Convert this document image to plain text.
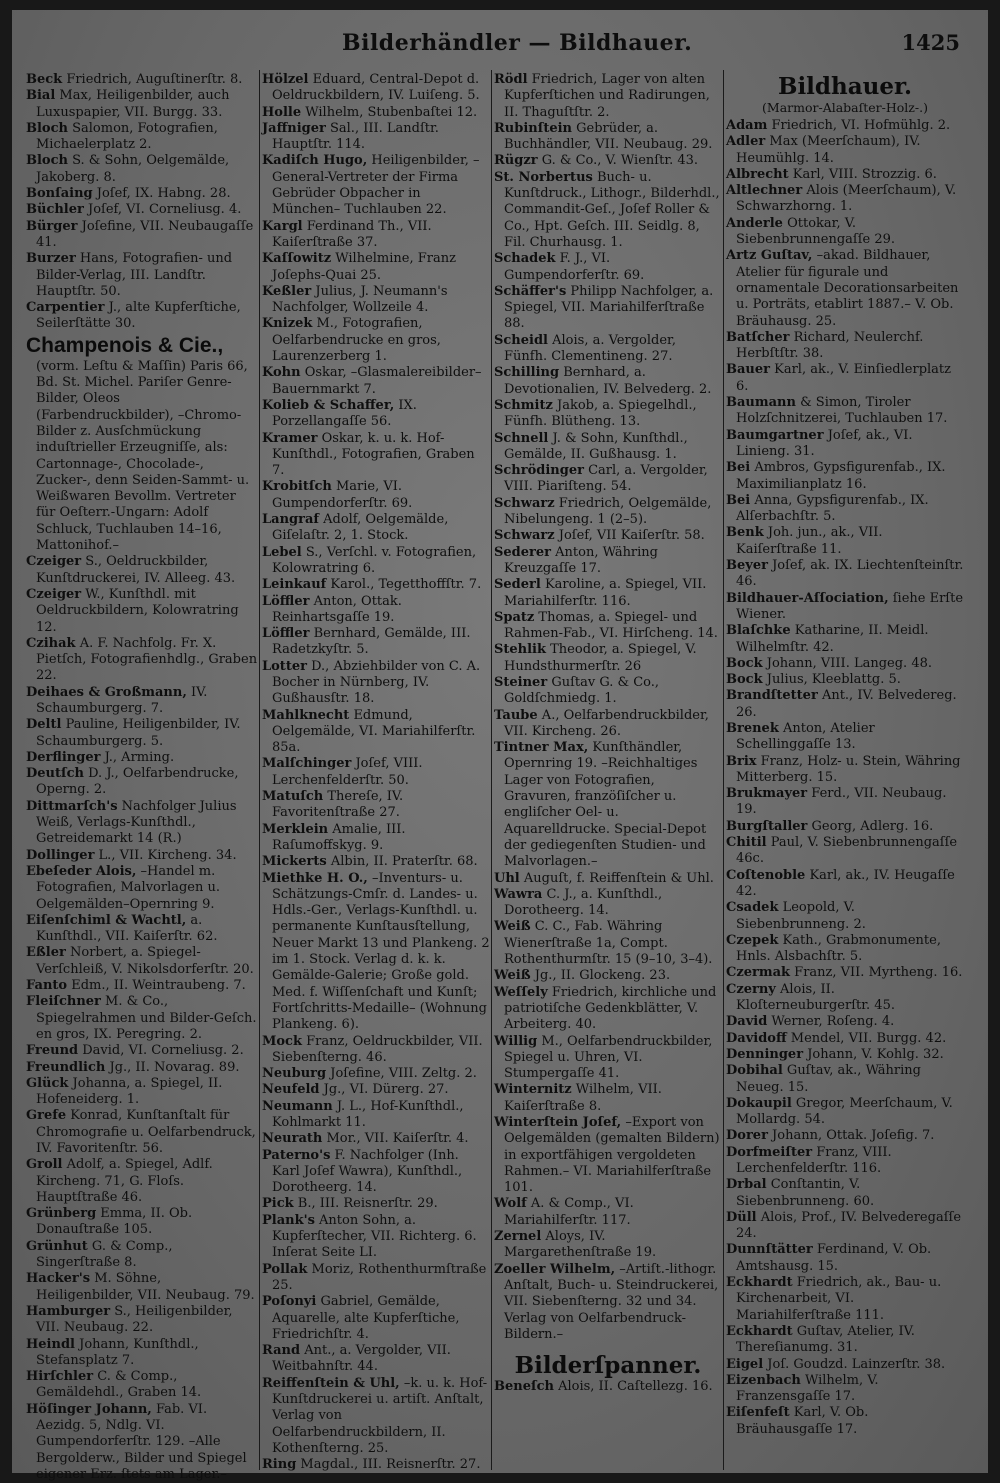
Bilderhändler — Bildhauer.	1425

Beck Friedrich, Auguſtinerſtr. 8.

Bial Max, Heiligenbilder, auch Luxuspapier, VII. Burgg. 33.

Bloch Salomon, Fotografien, Michaelerplatz 2.

Bloch S. & Sohn, Oelgemälde, Jakoberg. 8.

Bonſaing Joſef, IX. Habng. 28.

Büchler Joſef, VI. Corneliusg. 4.

Bürger Joſefine, VII. Neubaugaſſe 41.

Burzer Hans, Fotografien- und Bilder-Verlag, III. Landſtr. Hauptſtr. 50.

Carpentier J., alte Kupferſtiche, Seilerſtätte 30.

Champenois & Cie.,
(vorm. Leſtu & Maſſin) Paris 66, Bd. St. Michel. Pariſer Genre-Bilder, Oleos (Farbendruckbilder), –Chromo-Bilder z. Ausſchmückung induſtrieller Erzeugniſſe, als: Cartonnage-, Chocolade-, Zucker-, denn Seiden-Sammt- u. Weißwaren Bevollm. Vertreter für Oeſterr.-Ungarn: Adolf Schluck, Tuchlauben 14–16, Mattonihof.–

Czeiger S., Oeldruckbilder, Kunſtdruckerei, IV. Alleeg. 43.

Czeiger W., Kunſthdl. mit Oeldruckbildern, Kolowratring 12.

Czihak A. F. Nachfolg. Fr. X. Pietſch, Fotografienhdlg., Graben 22.

Deihaes & Großmann, IV. Schaumburgerg. 7.

Deltl Pauline, Heiligenbilder, IV. Schaumburgerg. 5.

Derflinger J., Arming.

Deutſch D. J., Oelfarbendrucke, Operng. 2.

Dittmarſch's Nachfolger Julius Weiß, Verlags-Kunſthdl., Getreidemarkt 14 (R.)

Dollinger L., VII. Kircheng. 34.

Ebeſeder Alois, –Handel m. Fotografien, Malvorlagen u. Oelgemälden–Opernring 9.

Eiſenſchiml & Wachtl, a. Kunſthdl., VII. Kaiſerſtr. 62.

Eßler Norbert, a. Spiegel-Verſchleiß, V. Nikolsdorferſtr. 20.

Fanto Edm., II. Weintraubeng. 7.

Fleiſchner M. & Co., Spiegelrahmen und Bilder-Geſch. en gros, IX. Peregring. 2.

Freund David, VI. Corneliusg. 2.

Freundlich Jg., II. Novarag. 89.

Glück Johanna, a. Spiegel, II. Hofeneiderg. 1.

Grefe Konrad, Kunſtanſtalt für Chromografie u. Oelfarbendruck, IV. Favoritenſtr. 56.

Groll Adolf, a. Spiegel, Adlf. Kircheng. 71, G. Floſs. Hauptſtraße 46.

Grünberg Emma, II. Ob. Donauſtraße 105.

Grünhut G. & Comp., Singerſtraße 8.

Hacker's M. Söhne, Heiligenbilder, VII. Neubaug. 79.

Hamburger S., Heiligenbilder, VII. Neubaug. 22.

Heindl Johann, Kunſthdl., Stefansplatz 7.

Hirſchler C. & Comp., Gemäldehdl., Graben 14.

Höſinger Johann, Fab. VI. Aezidg. 5, Ndlg. VI. Gumpendorferſtr. 129. –Alle Bergolderw., Bilder und Spiegel eigener Erz. ſtets am Lager.–

Hölzel Eduard, Central-Depot d. Oeldruckbildern, IV. Luiſeng. 5.

Holle Wilhelm, Stubenbaſtei 12.

Jaffniger Sal., III. Landſtr. Hauptſtr. 114.

Kadiſch Hugo, Heiligenbilder, –General-Vertreter der Firma Gebrüder Obpacher in München– Tuchlauben 22.

Kargl Ferdinand Th., VII. Kaiſerſtraße 37.

Kaſſowitz Wilhelmine, Franz Joſephs-Quai 25.

Keßler Julius, J. Neumann's Nachfolger, Wollzeile 4.

Knizek M., Fotografien, Oelfarbendrucke en gros, Laurenzerberg 1.

Kohn Oskar, –Glasmalereibilder– Bauernmarkt 7.

Kolieb & Schaffer, IX. Porzellangaſſe 56.

Kramer Oskar, k. u. k. Hof-Kunſthdl., Fotografien, Graben 7.

Krobitſch Marie, VI. Gumpendorferſtr. 69.

Langraf Adolf, Oelgemälde, Giſelaſtr. 2, 1. Stock.

Lebel S., Verſchl. v. Fotografien, Kolowratring 6.

Leinkauf Karol., Tegetthoffſtr. 7.

Löffler Anton, Ottak. Reinhartsgaſſe 19.

Löffler Bernhard, Gemälde, III. Radetzkyſtr. 5.

Lotter D., Abziehbilder von C. A. Bocher in Nürnberg, IV. Gußhausſtr. 18.

Mahlknecht Edmund, Oelgemälde, VI. Mariahilferſtr. 85a.

Malſchinger Joſef, VIII. Lerchenfelderſtr. 50.

Matuſch Thereſe, IV. Favoritenſtraße 27.

Merklein Amalie, III. Raſumoffskyg. 9.

Mickerts Albin, II. Praterſtr. 68.

Miethke H. O., –Inventurs- u. Schätzungs-Cmſr. d. Landes- u. Hdls.-Ger., Verlags-Kunſthdl. u. permanente Kunſtausſtellung, Neuer Markt 13 und Plankeng. 2 im 1. Stock. Verlag d. k. k. Gemälde-Galerie; Große gold. Med. f. Wiſſenſchaft und Kunſt; Fortſchritts-Medaille– (Wohnung Plankeng. 6).

Mock Franz, Oeldruckbilder, VII. Siebenſterng. 46.

Neuburg Joſefine, VIII. Zeltg. 2.

Neufeld Jg., VI. Dürerg. 27.

Neumann J. L., Hof-Kunſthdl., Kohlmarkt 11.

Neurath Mor., VII. Kaiſerſtr. 4.

Paterno's F. Nachfolger (Inh. Karl Joſef Wawra), Kunſthdl., Dorotheerg. 14.

Pick B., III. Reisnerſtr. 29.

Plank's Anton Sohn, a. Kupferſtecher, VII. Richterg. 6. Inſerat Seite LI.

Pollak Moriz, Rothenthurmſtraße 25.

Poſonyi Gabriel, Gemälde, Aquarelle, alte Kupferſtiche, Friedrichſtr. 4.

Rand Ant., a. Vergolder, VII. Weitbahnſtr. 44.

Reiffenſtein & Uhl, –k. u. k. Hof-Kunſtdruckerei u. artiſt. Anſtalt, Verlag von Oelfarbendruckbildern, II. Kothenſterng. 25.

Ring Magdal., III. Reisnerſtr. 27.

Rödl Friedrich, Lager von alten Kupferſtichen und Radirungen, II. Thaguſtſtr. 2.

Rubinſtein Gebrüder, a. Buchhändler, VII. Neubaug. 29.

Rügzr G. & Co., V. Wienſtr. 43.

St. Norbertus Buch- u. Kunſtdruck., Lithogr., Bilderhdl., Commandit-Geſ., Joſef Roller & Co., Hpt. Geſch. III. Seidlg. 8, Fil. Churhausg. 1.

Schadek F. J., VI. Gumpendorferſtr. 69.

Schäffer's Philipp Nachfolger, a. Spiegel, VII. Mariahilferſtraße 88.

Scheidl Alois, a. Vergolder, Fünfh. Clementineng. 27.

Schilling Bernhard, a. Devotionalien, IV. Belvederg. 2.

Schmitz Jakob, a. Spiegelhdl., Fünfh. Blütheng. 13.

Schnell J. & Sohn, Kunſthdl., Gemälde, II. Gußhausg. 1.

Schrödinger Carl, a. Vergolder, VIII. Piariſteng. 54.

Schwarz Friedrich, Oelgemälde, Nibelungeng. 1 (2–5).

Schwarz Joſef, VII Kaiſerſtr. 58.

Sederer Anton, Währing Kreuzgaſſe 17.

Sederl Karoline, a. Spiegel, VII. Mariahilferſtr. 116.

Spatz Thomas, a. Spiegel- und Rahmen-Fab., VI. Hirſcheng. 14.

Stehlik Theodor, a. Spiegel, V. Hundsthurmerſtr. 26

Steiner Guſtav G. & Co., Goldſchmiedg. 1.

Taube A., Oelfarbendruckbilder, VII. Kircheng. 26.

Tintner Max, Kunſthändler, Opernring 19. –Reichhaltiges Lager von Fotografien, Gravuren, franzöſiſcher u. engliſcher Oel- u. Aquarelldrucke. Special-Depot der gediegenſten Studien- und Malvorlagen.–

Uhl Auguſt, f. Reiffenſtein & Uhl.

Wawra C. J., a. Kunſthdl., Dorotheerg. 14.

Weiß C. C., Fab. Währing Wienerſtraße 1a, Compt. Rothenthurmſtr. 15 (9–10, 3–4).

Weiß Jg., II. Glockeng. 23.

Weſſely Friedrich, kirchliche und patriotiſche Gedenkblätter, V. Arbeiterg. 40.

Willig M., Oelfarbendruckbilder, Spiegel u. Uhren, VI. Stumpergaſſe 41.

Winternitz Wilhelm, VII. Kaiſerſtraße 8.

Winterſtein Joſef, –Export von Oelgemälden (gemalten Bildern) in exportfähigen vergoldeten Rahmen.– VI. Mariahilferſtraße 101.

Wolf A. & Comp., VI. Mariahilferſtr. 117.

Zernel Aloys, IV. Margarethenſtraße 19.

Zoeller Wilhelm, –Artiſt.-lithogr. Anſtalt, Buch- u. Steindruckerei, VII. Siebenſterng. 32 und 34. Verlag von Oelfarbendruck-Bildern.–

Bilderſpanner.

Beneſch Alois, II. Caſtellezg. 16.

Bildhauer.
(Marmor-Alabaſter-Holz-.)

Adam Friedrich, VI. Hofmühlg. 2.

Adler Max (Meerſchaum), IV. Heumühlg. 14.

Albrecht Karl, VIII. Strozzig. 6.

Altlechner Alois (Meerſchaum), V. Schwarzhorng. 1.

Anderle Ottokar, V. Siebenbrunnengaſſe 29.

Artz Guſtav, –akad. Bildhauer, Atelier für figurale und ornamentale Decorationsarbeiten u. Porträts, etablirt 1887.– V. Ob. Bräuhausg. 25.

Batſcher Richard, Neulerchf. Herbſtſtr. 38.

Bauer Karl, ak., V. Einſiedlerplatz 6.

Baumann & Simon, Tiroler Holzſchnitzerei, Tuchlauben 17.

Baumgartner Joſef, ak., VI. Linieng. 31.

Bei Ambros, Gypsfigurenfab., IX. Maximilianplatz 16.

Bei Anna, Gypsfigurenfab., IX. Alſerbachſtr. 5.

Benk Joh. jun., ak., VII. Kaiſerſtraße 11.

Beyer Joſef, ak. IX. Liechtenſteinſtr. 46.

Bildhauer-Aſſociation, ſiehe Erſte Wiener.

Blaſchke Katharine, II. Meidl. Wilhelmſtr. 42.

Bock Johann, VIII. Langeg. 48.

Bock Julius, Kleeblattg. 5.

Brandſtetter Ant., IV. Belvedereg. 26.

Brenek Anton, Atelier Schellinggaſſe 13.

Brix Franz, Holz- u. Stein, Währing Mitterberg. 15.

Brukmayer Ferd., VII. Neubaug. 19.

Burgſtaller Georg, Adlerg. 16.

Chitil Paul, V. Siebenbrunnengaſſe 46c.

Coſtenoble Karl, ak., IV. Heugaſſe 42.

Csadek Leopold, V. Siebenbrunneng. 2.

Czepek Kath., Grabmonumente, Hnls. Alsbachſtr. 5.

Czermak Franz, VII. Myrtheng. 16.

Czerny Alois, II. Kloſterneuburgerſtr. 45.

David Werner, Roſeng. 4.

Davidoff Mendel, VII. Burgg. 42.

Denninger Johann, V. Kohlg. 32.

Dobihal Guſtav, ak., Währing Neueg. 15.

Dokaupil Gregor, Meerſchaum, V. Mollardg. 54.

Dorer Johann, Ottak. Joſefig. 7.

Dorfmeiſter Franz, VIII. Lerchenfelderſtr. 116.

Drbal Conſtantin, V. Siebenbrunneng. 60.

Düll Alois, Prof., IV. Belvederegaſſe 24.

Dunnſtätter Ferdinand, V. Ob. Amtshausg. 15.

Eckhardt Friedrich, ak., Bau- u. Kirchenarbeit, VI. Mariahilferſtraße 111.

Eckhardt Guſtav, Atelier, IV. Thereſianumg. 31.

Eigel Joſ. Goudzd. Lainzerſtr. 38.

Eizenbach Wilhelm, V. Franzensgaſſe 17.

Eiſenfeſt Karl, V. Ob. Bräuhausgaſſe 17.
